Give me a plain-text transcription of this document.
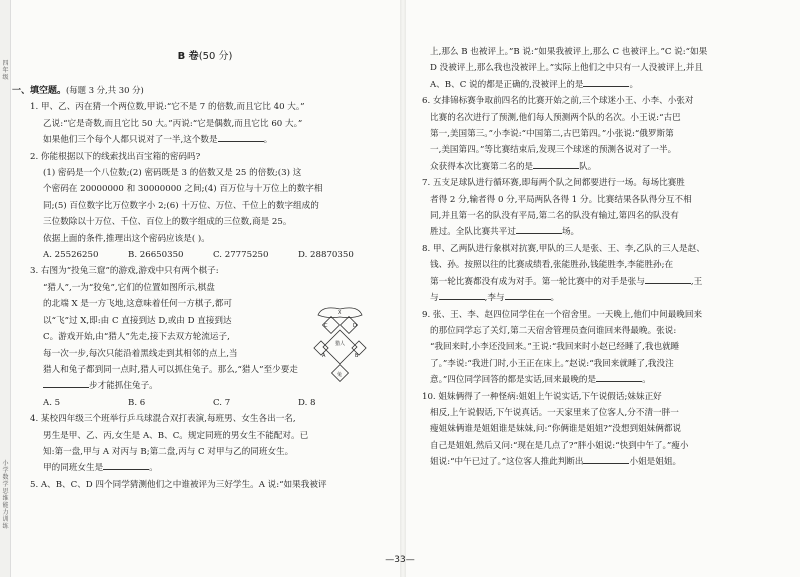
四年级
小学数学思维能力训练
B 卷(50 分)

一、填空题。(每题 3 分,共 30 分)

1. 甲、乙、丙在猜一个两位数,甲说:“它不是 7 的倍数,而且它比 40 大。”

乙说:“它是奇数,而且它比 50 大。”丙说:“它是偶数,而且它比 60 大。”

如果他们三个每个人都只说对了一半,这个数是	。

2. 你能根据以下的线索找出百宝箱的密码吗?

(1) 密码是一个八位数;(2) 密码既是 3 的倍数又是 25 的倍数;(3) 这

个密码在 20000000 和 30000000 之间;(4) 百万位与十万位上的数字相

同;(5) 百位数字比万位数字小 2;(6) 十万位、万位、千位上的数字组成的

三位数除以十万位、千位、百位上的数字组成的三位数,商是 25。

依据上面的条件,推理出这个密码应该是( )。

A. 25526250	B. 26650350	C. 27775250	D. 28870350

3. 右图为“投兔三窟”的游戏,游戏中只有两个棋子:

“猎人”,一为“狡兔”,它们的位置如图所示,棋盘

的北端 X 是一方飞地,这意味着任何一方棋子,都可

以“飞”过 X,即:由 C 直接到达 D,或由 D 直接到达

C。游戏开始,由“猎人”先走,接下去双方轮流运子,

每一次一步,每次只能沿着黑线走到其相邻的点上,当

猎人和兔子都到同一点时,猎人可以抓住兔子。那么,“猎人”至少要走

步才能抓住兔子。

A. 5	B. 6	C. 7	D. 8

4. 某校四年级三个班举行乒乓球混合双打表演,每班男、女生各出一名,

男生是甲、乙、丙,女生是 A、B、C。规定同班的男女生不能配对。已

知:第一盘,甲与 A 对丙与 B;第二盘,丙与 C 对甲与乙的同班女生。

甲的同班女生是	。

5. A、B、C、D 四个同学猜测他们之中谁被评为三好学生。A 说:“如果我被评

X
C	D
A	B
猎人
兔

上,那么 B 也被评上。”B 说:“如果我被评上,那么 C 也被评上。”C 说:“如果

D 没被评上,那么我也没被评上。”实际上他们之中只有一人没被评上,并且

A、B、C 说的都是正确的,没被评上的是	。

6. 女排锦标赛争取前四名的比赛开始之前,三个球迷小王、小李、小张对

比赛的名次进行了预测,他们每人预测两个队的名次。小王说:“古巴

第一,美国第三。”小李说:“中国第二,古巴第四。”小张说:“俄罗斯第

一,美国第四。”等比赛结束后,发现三个球迷的预测各说对了一半。

众获得本次比赛第二名的是	队。

7. 五支足球队进行循环赛,即每两个队之间都要进行一场。每场比赛胜

者得 2 分,输者得 0 分,平局两队各得 1 分。比赛结果各队得分互不相

同,并且第一名的队没有平局,第二名的队没有输过,第四名的队没有

胜过。全队比赛共平过	场。

8. 甲、乙两队进行象棋对抗赛,甲队的三人是张、王、李,乙队的三人是赵、

钱、孙。按照以往的比赛成绩看,张能胜孙,钱能胜李,李能胜孙;在

第一轮比赛都没有成为对手。第一轮比赛中的对手是张与	,王

与	,李与	。

9. 张、王、李、赵四位同学住在一个宿舍里。一天晚上,他们中间最晚回来

的那位同学忘了关灯,第二天宿舍管理员查问谁回来得最晚。张说:

“我回来时,小李还没回来。”王说:“我回来时小赵已经睡了,我也就睡

了。”李说:“我进门时,小王正在床上。”赵说:“我回来就睡了,我没注

意。”四位同学回答的都是实话,回来最晚的是	。

10. 姐妹俩得了一种怪病:姐姐上午说实话,下午说假话;妹妹正好

相反,上午说假话,下午说真话。一天家里来了位客人,分不清一胖一

瘦姐妹俩谁是姐姐谁是妹妹,问:“你俩谁是姐姐?”没想到姐妹俩都说

自己是姐姐,然后又问:“现在是几点了?”胖小姐说:“快到中午了。”瘦小

姐说:“中午已过了。”这位客人推此判断出	小姐是姐姐。

—33—
